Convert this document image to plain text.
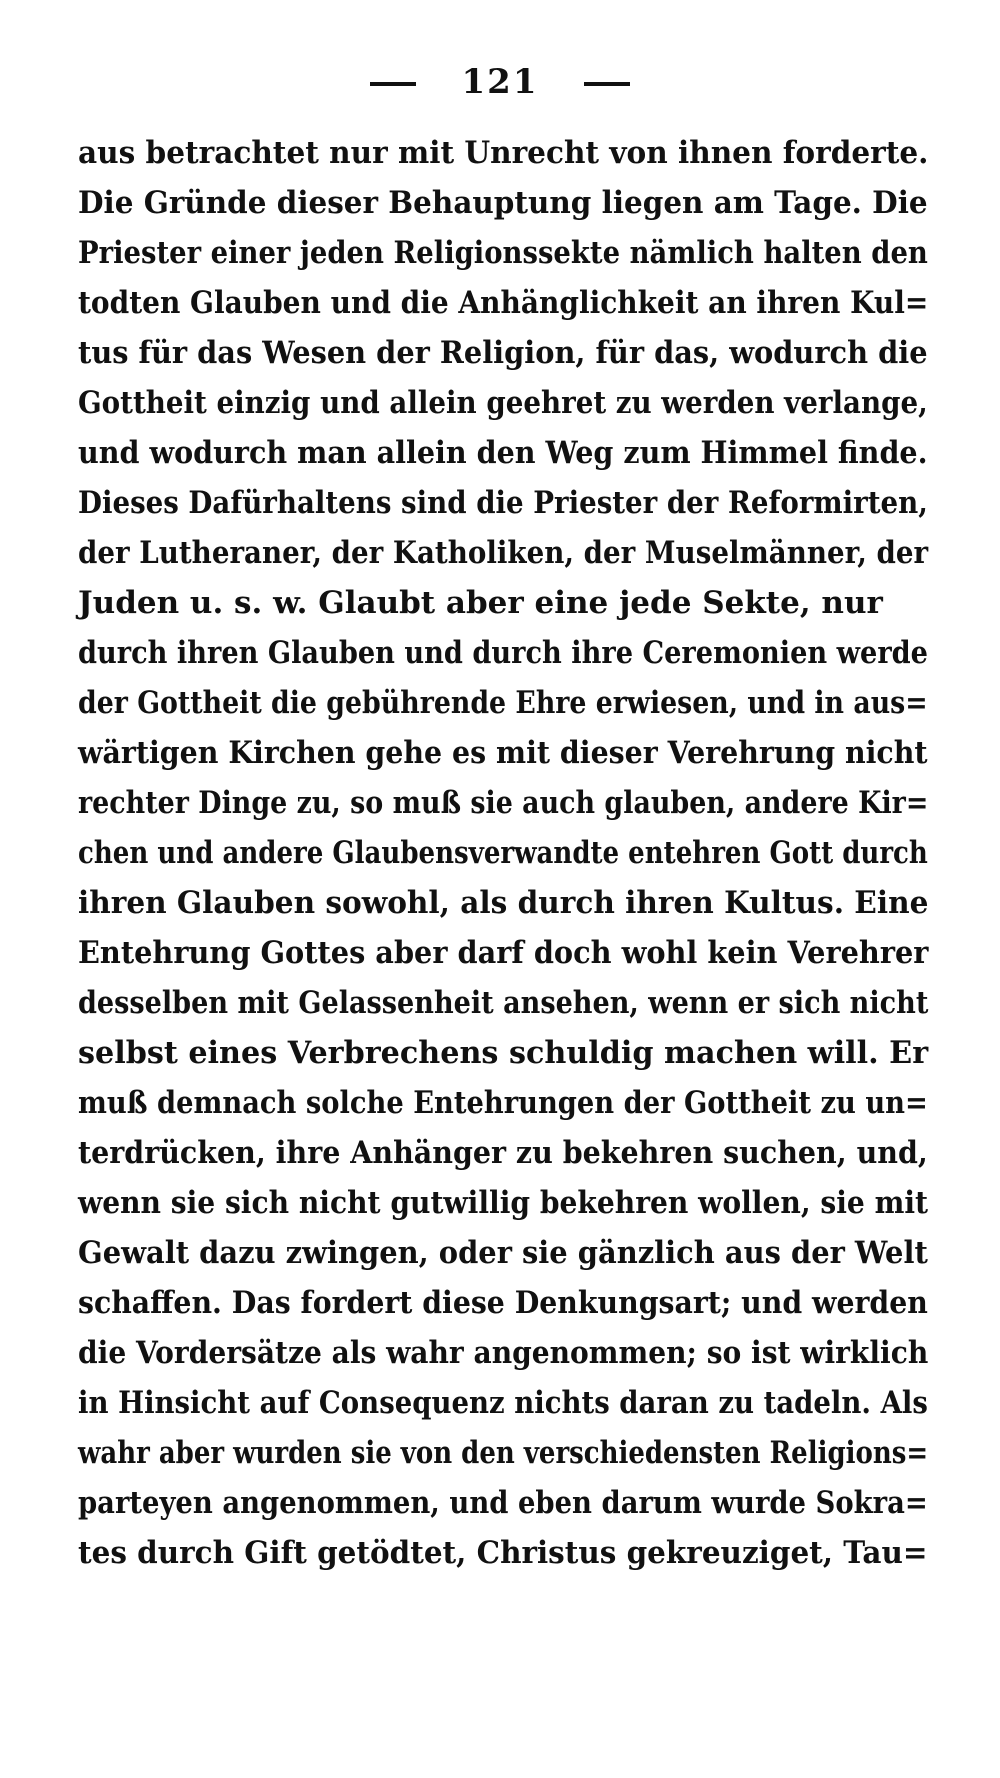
121
aus betrachtet nur mit Unrecht von ihnen forderte.
Die Gründe dieser Behauptung liegen am Tage. Die
Priester einer jeden Religionssekte nämlich halten den
todten Glauben und die Anhänglichkeit an ihren Kul=
tus für das Wesen der Religion, für das, wodurch die
Gottheit einzig und allein geehret zu werden verlange,
und wodurch man allein den Weg zum Himmel finde.
Dieses Dafürhaltens sind die Priester der Reformirten,
der Lutheraner, der Katholiken, der Muselmänner, der
Juden u. s. w. Glaubt aber eine jede Sekte, nur
durch ihren Glauben und durch ihre Ceremonien werde
der Gottheit die gebührende Ehre erwiesen, und in aus=
wärtigen Kirchen gehe es mit dieser Verehrung nicht
rechter Dinge zu, so muß sie auch glauben, andere Kir=
chen und andere Glaubensverwandte entehren Gott durch
ihren Glauben sowohl, als durch ihren Kultus. Eine
Entehrung Gottes aber darf doch wohl kein Verehrer
desselben mit Gelassenheit ansehen, wenn er sich nicht
selbst eines Verbrechens schuldig machen will. Er
muß demnach solche Entehrungen der Gottheit zu un=
terdrücken, ihre Anhänger zu bekehren suchen, und,
wenn sie sich nicht gutwillig bekehren wollen, sie mit
Gewalt dazu zwingen, oder sie gänzlich aus der Welt
schaffen. Das fordert diese Denkungsart; und werden
die Vordersätze als wahr angenommen; so ist wirklich
in Hinsicht auf Consequenz nichts daran zu tadeln. Als
wahr aber wurden sie von den verschiedensten Religions=
parteyen angenommen, und eben darum wurde Sokra=
tes durch Gift getödtet, Christus gekreuziget, Tau=
